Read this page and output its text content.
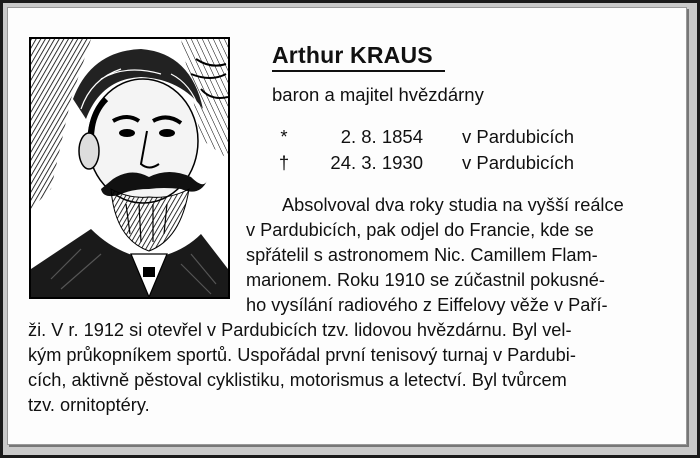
Arthur KRAUS
baron a majitel hvězdárny
*	2. 8. 1854 v Pardubicích
†	24. 3. 1930 v Pardubicích
Absolvoval dva roky studia na vyšší reálce
v Pardubicích, pak odjel do Francie, kde se
spřátelil s astronomem Nic. Camillem Flam-
marionem. Roku 1910 se zúčastnil pokusné-
ho vysílání radiového z Eiffelovy věže v Paří-
ži. V r. 1912 si otevřel v Pardubicích tzv. lidovou hvězdárnu. Byl vel-
kým průkopníkem sportů. Uspořádal první tenisový turnaj v Pardubi-
cích, aktivně pěstoval cyklistiku, motorismus a letectví. Byl tvůrcem
tzv. ornitoptéry.
